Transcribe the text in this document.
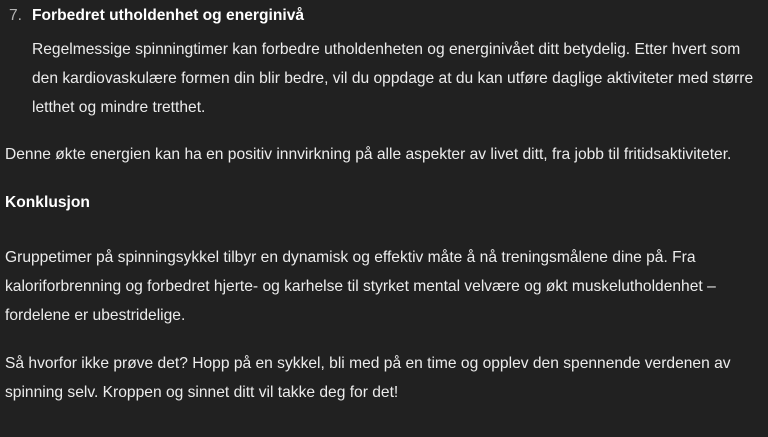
7. Forbedret utholdenhet og energinivå
Regelmessige spinningtimer kan forbedre utholdenheten og energinivået ditt betydelig. Etter hvert som den kardiovaskulære formen din blir bedre, vil du oppdage at du kan utføre daglige aktiviteter med større letthet og mindre tretthet.

Denne økte energien kan ha en positiv innvirkning på alle aspekter av livet ditt, fra jobb til fritidsaktiviteter.

Konklusjon

Gruppetimer på spinningsykkel tilbyr en dynamisk og effektiv måte å nå treningsmålene dine på. Fra kaloriforbrenning og forbedret hjerte- og karhelse til styrket mental velvære og økt muskelutholdenhet – fordelene er ubestridelige.

Så hvorfor ikke prøve det? Hopp på en sykkel, bli med på en time og opplev den spennende verdenen av spinning selv. Kroppen og sinnet ditt vil takke deg for det!
